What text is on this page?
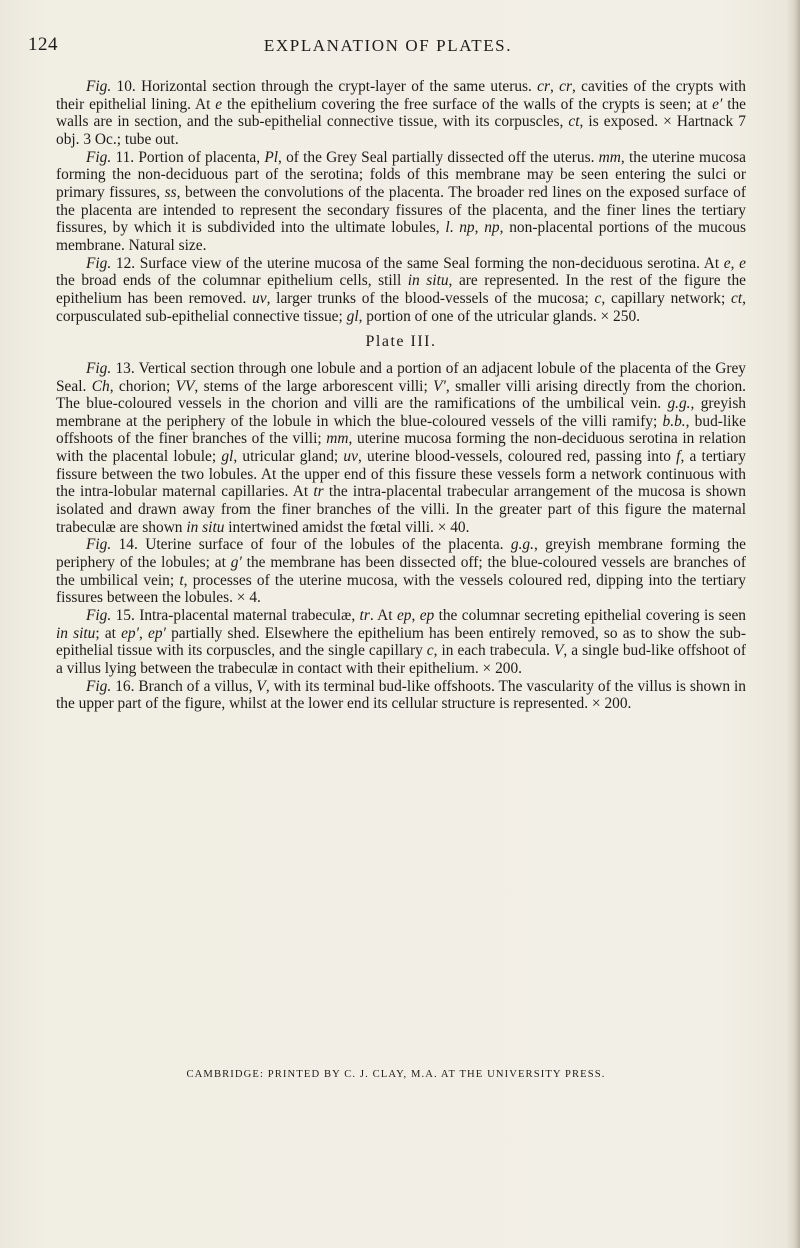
124	EXPLANATION OF PLATES.

Fig. 10. Horizontal section through the crypt-layer of the same uterus. cr, cr, cavities of the crypts with their epithelial lining. At e the epithelium covering the free surface of the walls of the crypts is seen; at e′ the walls are in section, and the sub-epithelial connective tissue, with its corpuscles, ct, is exposed. × Hartnack 7 obj. 3 Oc.; tube out.

Fig. 11. Portion of placenta, Pl, of the Grey Seal partially dissected off the uterus. mm, the uterine mucosa forming the non-deciduous part of the serotina; folds of this membrane may be seen entering the sulci or primary fissures, ss, between the convolutions of the placenta. The broader red lines on the exposed surface of the placenta are intended to represent the secondary fissures of the placenta, and the finer lines the tertiary fissures, by which it is subdivided into the ultimate lobules, l. np, np, non-placental portions of the mucous membrane. Natural size.

Fig. 12. Surface view of the uterine mucosa of the same Seal forming the non-deciduous serotina. At e, e the broad ends of the columnar epithelium cells, still in situ, are represented. In the rest of the figure the epithelium has been removed. uv, larger trunks of the blood-vessels of the mucosa; c, capillary network; ct, corpusculated sub-epithelial connective tissue; gl, portion of one of the utricular glands. × 250.

Plate III.

Fig. 13. Vertical section through one lobule and a portion of an adjacent lobule of the placenta of the Grey Seal. Ch, chorion; VV, stems of the large arborescent villi; V′, smaller villi arising directly from the chorion. The blue-coloured vessels in the chorion and villi are the ramifications of the umbilical vein. g.g., greyish membrane at the periphery of the lobule in which the blue-coloured vessels of the villi ramify; b.b., bud-like offshoots of the finer branches of the villi; mm, uterine mucosa forming the non-deciduous serotina in relation with the placental lobule; gl, utricular gland; uv, uterine blood-vessels, coloured red, passing into f, a tertiary fissure between the two lobules. At the upper end of this fissure these vessels form a network continuous with the intra-lobular maternal capillaries. At tr the intra-placental trabecular arrangement of the mucosa is shown isolated and drawn away from the finer branches of the villi. In the greater part of this figure the maternal trabeculæ are shown in situ intertwined amidst the fœtal villi. × 40.

Fig. 14. Uterine surface of four of the lobules of the placenta. g.g., greyish membrane forming the periphery of the lobules; at g′ the membrane has been dissected off; the blue-coloured vessels are branches of the umbilical vein; t, processes of the uterine mucosa, with the vessels coloured red, dipping into the tertiary fissures between the lobules. × 4.

Fig. 15. Intra-placental maternal trabeculæ, tr. At ep, ep the columnar secreting epithelial covering is seen in situ; at ep′, ep′ partially shed. Elsewhere the epithelium has been entirely removed, so as to show the sub-epithelial tissue with its corpuscles, and the single capillary c, in each trabecula. V, a single bud-like offshoot of a villus lying between the trabeculæ in contact with their epithelium. × 200.

Fig. 16. Branch of a villus, V, with its terminal bud-like offshoots. The vascularity of the villus is shown in the upper part of the figure, whilst at the lower end its cellular structure is represented. × 200.

CAMBRIDGE: PRINTED BY C. J. CLAY, M.A. AT THE UNIVERSITY PRESS.
